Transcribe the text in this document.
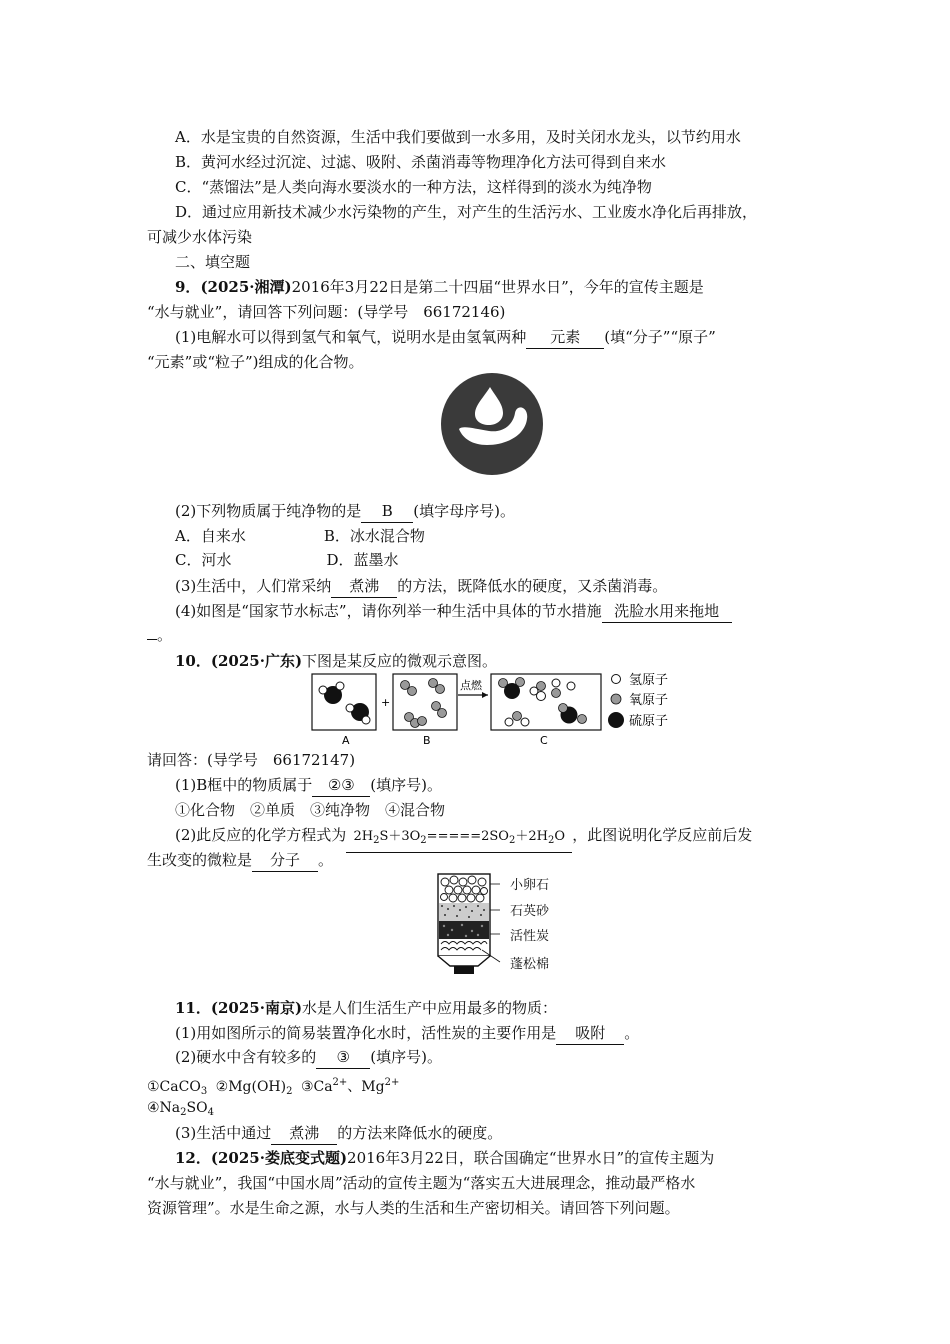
A．水是宝贵的自然资源，生活中我们要做到一水多用，及时关闭水龙头，以节约用水
B．黄河水经过沉淀、过滤、吸附、杀菌消毒等物理净化方法可得到自来水
C．“蒸馏法”是人类向海水要淡水的一种方法，这样得到的淡水为纯净物
D．通过应用新技术减少水污染物的产生，对产生的生活污水、工业废水净化后再排放，
可减少水体污染
二、填空题
9．(2025·湘潭)2016年3月22日是第二十四届“世界水日”，今年的宣传主题是
“水与就业”，请回答下列问题：(导学号　66172146)
(1)电解水可以得到氢气和氧气，说明水是由氢氧两种 元素 (填“分子”“原子”
“元素”或“粒子”)组成的化合物。
(2)下列物质属于纯净物的是 B (填字母序号)。
A．自来水	B．冰水混合物
C．河水	D．蓝墨水
(3)生活中，人们常采纳 煮沸 的方法，既降低水的硬度，又杀菌消毒。
(4)如图是“国家节水标志”，请你列举一种生活中具体的节水措施 洗脸水用来拖地
。
10．(2025·广东)下图是某反应的微观示意图。
+
点燃
A	B	C
氢原子
氧原子
硫原子
请回答：(导学号　66172147)
(1)B框中的物质属于 ②③ (填序号)。
①化合物　②单质　③纯净物　④混合物
(2)此反应的化学方程式为 $2H_2S+3O_2=====2SO_2+2H_2O$ ，此图说明化学反应前后发
生改变的微粒是 分子 。
小卵石
石英砂
活性炭
蓬松棉
11．(2025·南京)水是人们生活生产中应用最多的物质：
(1)用如图所示的简易装置净化水时，活性炭的主要作用是 吸附 。
(2)硬水中含有较多的 ③ (填序号)。
①CaCO$_3$ $②Mg(OH)_2$ $③Ca^{2+}$、$Mg^{2+}$
$④Na_2SO_4$
(3)生活中通过 煮沸 的方法来降低水的硬度。
12．(2025·娄底变式题)2016年3月22日，联合国确定“世界水日”的宣传主题为
“水与就业”，我国“中国水周”活动的宣传主题为“落实五大进展理念，推动最严格水
资源管理”。水是生命之源，水与人类的生活和生产密切相关。请回答下列问题。
